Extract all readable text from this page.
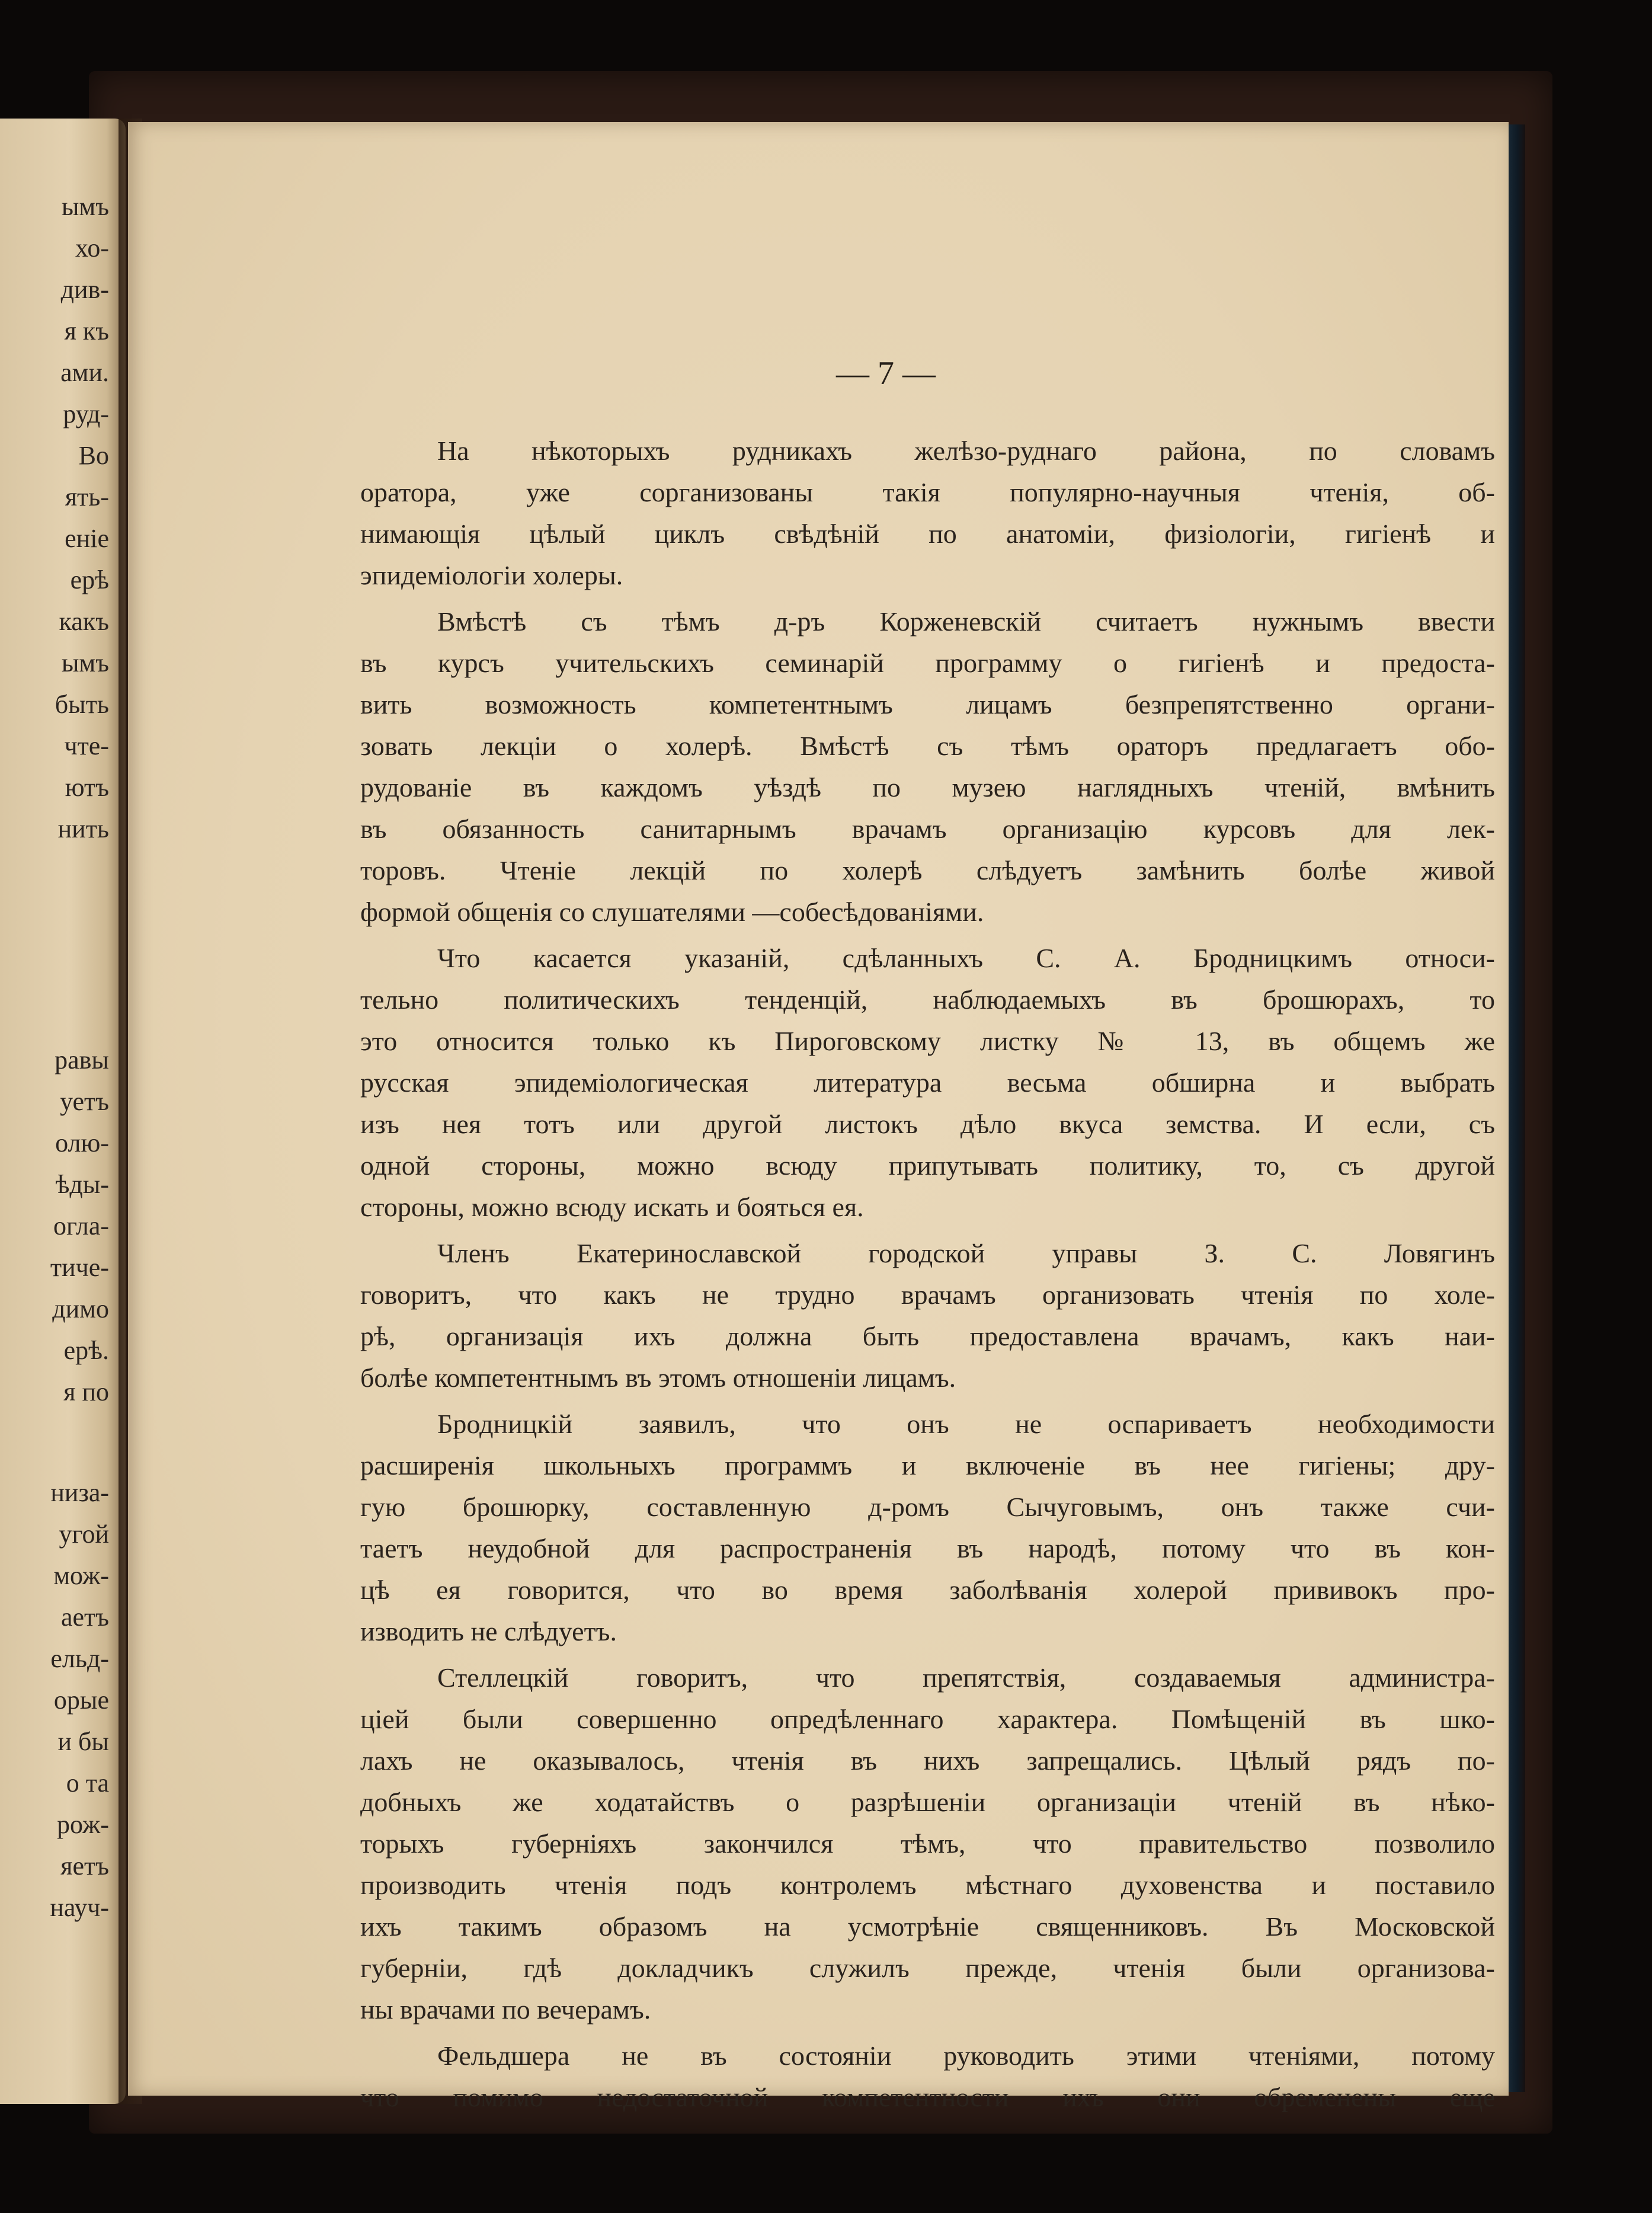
ымъ
хо-
див-
я къ
ами.
руд-
Во
ять-
еніе
ерѣ
какъ
ымъ
быть
чте-
ютъ
нить
равы
уетъ
олю-
ѣды-
огла-
тиче-
димо
ерѣ.
я по
низа-
угой
мож-
аетъ
ельд-
орые
и бы
о та
рож-
яетъ
науч-
— 7 —
На нѣкоторыхъ рудникахъ желѣзо-руднаго района, по словамъ
оратора, уже сорганизованы такія популярно-научныя чтенія, об-
нимающія цѣлый циклъ свѣдѣній по анатоміи, физіологіи, гигіенѣ и
эпидеміологіи холеры.
Вмѣстѣ съ тѣмъ д-ръ Корженевскій считаетъ нужнымъ ввести
въ курсъ учительскихъ семинарій программу о гигіенѣ и предоста-
вить возможность компетентнымъ лицамъ безпрепятственно органи-
зовать лекціи о холерѣ. Вмѣстѣ съ тѣмъ ораторъ предлагаетъ обо-
рудованіе въ каждомъ уѣздѣ по музею наглядныхъ чтеній, вмѣнить
въ обязанность санитарнымъ врачамъ организацію курсовъ для лек-
торовъ. Чтеніе лекцій по холерѣ слѣдуетъ замѣнить болѣе живой
формой общенія со слушателями —собесѣдованіями.
Что касается указаній, сдѣланныхъ С. А. Бродницкимъ относи-
тельно политическихъ тенденцій, наблюдаемыхъ въ брошюрахъ, то
это относится только къ Пироговскому листку № 13, въ общемъ же
русская эпидеміологическая литература весьма обширна и выбрать
изъ нея тотъ или другой листокъ дѣло вкуса земства. И если, съ
одной стороны, можно всюду припутывать политику, то, съ другой
стороны, можно всюду искать и бояться ея.
Членъ Екатеринославской городской управы З. С. Ловягинъ
говоритъ, что какъ не трудно врачамъ организовать чтенія по холе-
рѣ, организація ихъ должна быть предоставлена врачамъ, какъ наи-
болѣе компетентнымъ въ этомъ отношеніи лицамъ.
Бродницкій заявилъ, что онъ не оспариваетъ необходимости
расширенія школьныхъ программъ и включеніе въ нее гигіены; дру-
гую брошюрку, составленную д-ромъ Сычуговымъ, онъ также счи-
таетъ неудобной для распространенія въ народѣ, потому что въ кон-
цѣ ея говорится, что во время заболѣванія холерой прививокъ про-
изводить не слѣдуетъ.
Стеллецкій говоритъ, что препятствія, создаваемыя администра-
ціей были совершенно опредѣленнаго характера. Помѣщеній въ шко-
лахъ не оказывалось, чтенія въ нихъ запрещались. Цѣлый рядъ по-
добныхъ же ходатайствъ о разрѣшеніи организаціи чтеній въ нѣко-
торыхъ губерніяхъ закончился тѣмъ, что правительство позволило
производить чтенія подъ контролемъ мѣстнаго духовенства и поставило
ихъ такимъ образомъ на усмотрѣніе священниковъ. Въ Московской
губерніи, гдѣ докладчикъ служилъ прежде, чтенія были организова-
ны врачами по вечерамъ.
Фельдшера не въ состояніи руководить этими чтеніями, потому
что помимо недостаточной компетентности ихъ они обременены еще
